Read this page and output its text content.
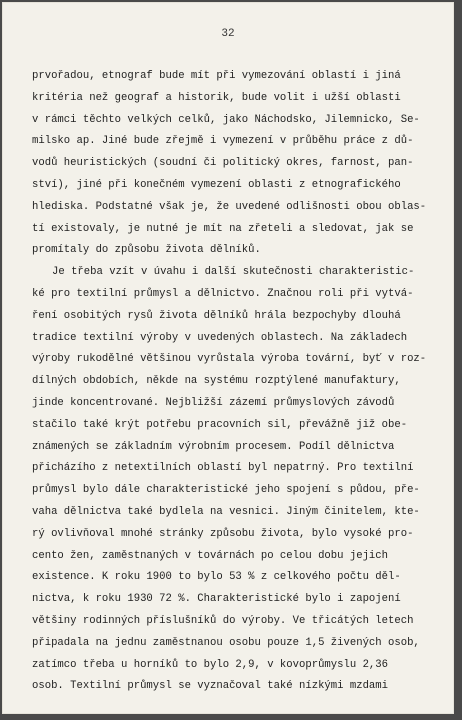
32
prvořadou, etnograf bude mít při vymezování oblastí i jiná
kritéria než geograf a historik, bude volit i užší oblasti
v rámci těchto velkých celků, jako Náchodsko, Jilemnicko, Se-
milsko ap. Jiné bude zřejmě i vymezení v průběhu práce z dů-
vodů heuristických (soudní či politický okres, farnost, pan-
ství), jiné při konečném vymezení oblasti z etnografického
hlediska. Podstatné však je, že uvedené odlišnosti obou oblas-
tí existovaly, je nutné je mít na zřeteli a sledovat, jak se
promítaly do způsobu života dělníků.
Je třeba vzít v úvahu i další skutečnosti charakteristic-
ké pro textilní průmysl a dělnictvo. Značnou roli při vytvá-
ření osobitých rysů života dělníků hrála bezpochyby dlouhá
tradice textilní výroby v uvedených oblastech. Na základech
výroby rukodělné většinou vyrůstala výroba tovární, byť v roz-
dílných obdobích, někde na systému rozptýlené manufaktury,
jinde koncentrované. Nejbližší zázemí průmyslových závodů
stačilo také krýt potřebu pracovních sil, převážně již obe-
známených se základním výrobním procesem. Podíl dělnictva
přicházího z netextilních oblastí byl nepatrný. Pro textilní
průmysl bylo dále charakteristické jeho spojení s půdou, pře-
vaha dělnictva také bydlela na vesnici. Jiným činitelem, kte-
rý ovlivňoval mnohé stránky způsobu života, bylo vysoké pro-
cento žen, zaměstnaných v továrnách po celou dobu jejich
existence. K roku 1900 to bylo 53 % z celkového počtu děl-
nictva, k roku 1930 72 %. Charakteristické bylo i zapojení
většiny rodinných příslušníků do výroby. Ve třicátých letech
připadala na jednu zaměstnanou osobu pouze 1,5 živených osob,
zatímco třeba u horníků to bylo 2,9, v kovoprůmyslu 2,36
osob. Textilní průmysl se vyznačoval také nízkými mzdami
